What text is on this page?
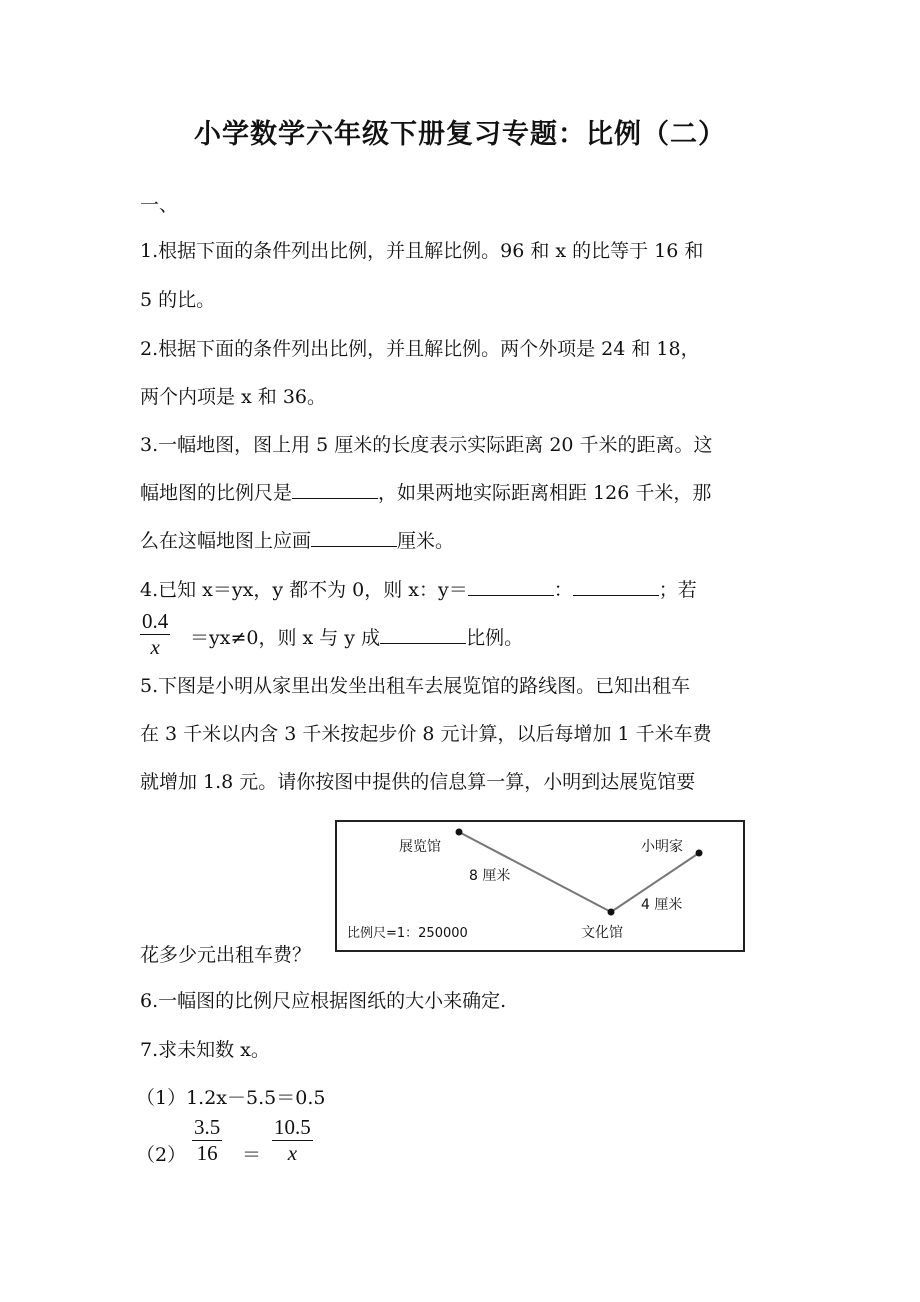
小学数学六年级下册复习专题：比例（二）
一、
1.根据下面的条件列出比例，并且解比例。96 和 x 的比等于 16 和
5 的比。
2.根据下面的条件列出比例，并且解比例。两个外项是 24 和 18，
两个内项是 x 和 36。
3.一幅地图，图上用 5 厘米的长度表示实际距离 20 千米的距离。这
幅地图的比例尺是	，如果两地实际距离相距 126 千米，那
么在这幅地图上应画	厘米。
4.已知 x＝yx，y 都不为 0，则 x：y＝	：	；若
0.4
x ＝yx≠0，则 x 与 y 成	比例。
5.下图是小明从家里出发坐出租车去展览馆的路线图。已知出租车
在 3 千米以内含 3 千米按起步价 8 元计算，以后每增加 1 千米车费
就增加 1.8 元。请你按图中提供的信息算一算，小明到达展览馆要
展览馆	小明家
文化馆
8 厘米
4 厘米
比例尺=1：250000
花多少元出租车费？
6.一幅图的比例尺应根据图纸的大小来确定.
7.求未知数 x。
（1）1.2x－5.5＝0.5
（2）
3.5
16 ＝
10.5
x
